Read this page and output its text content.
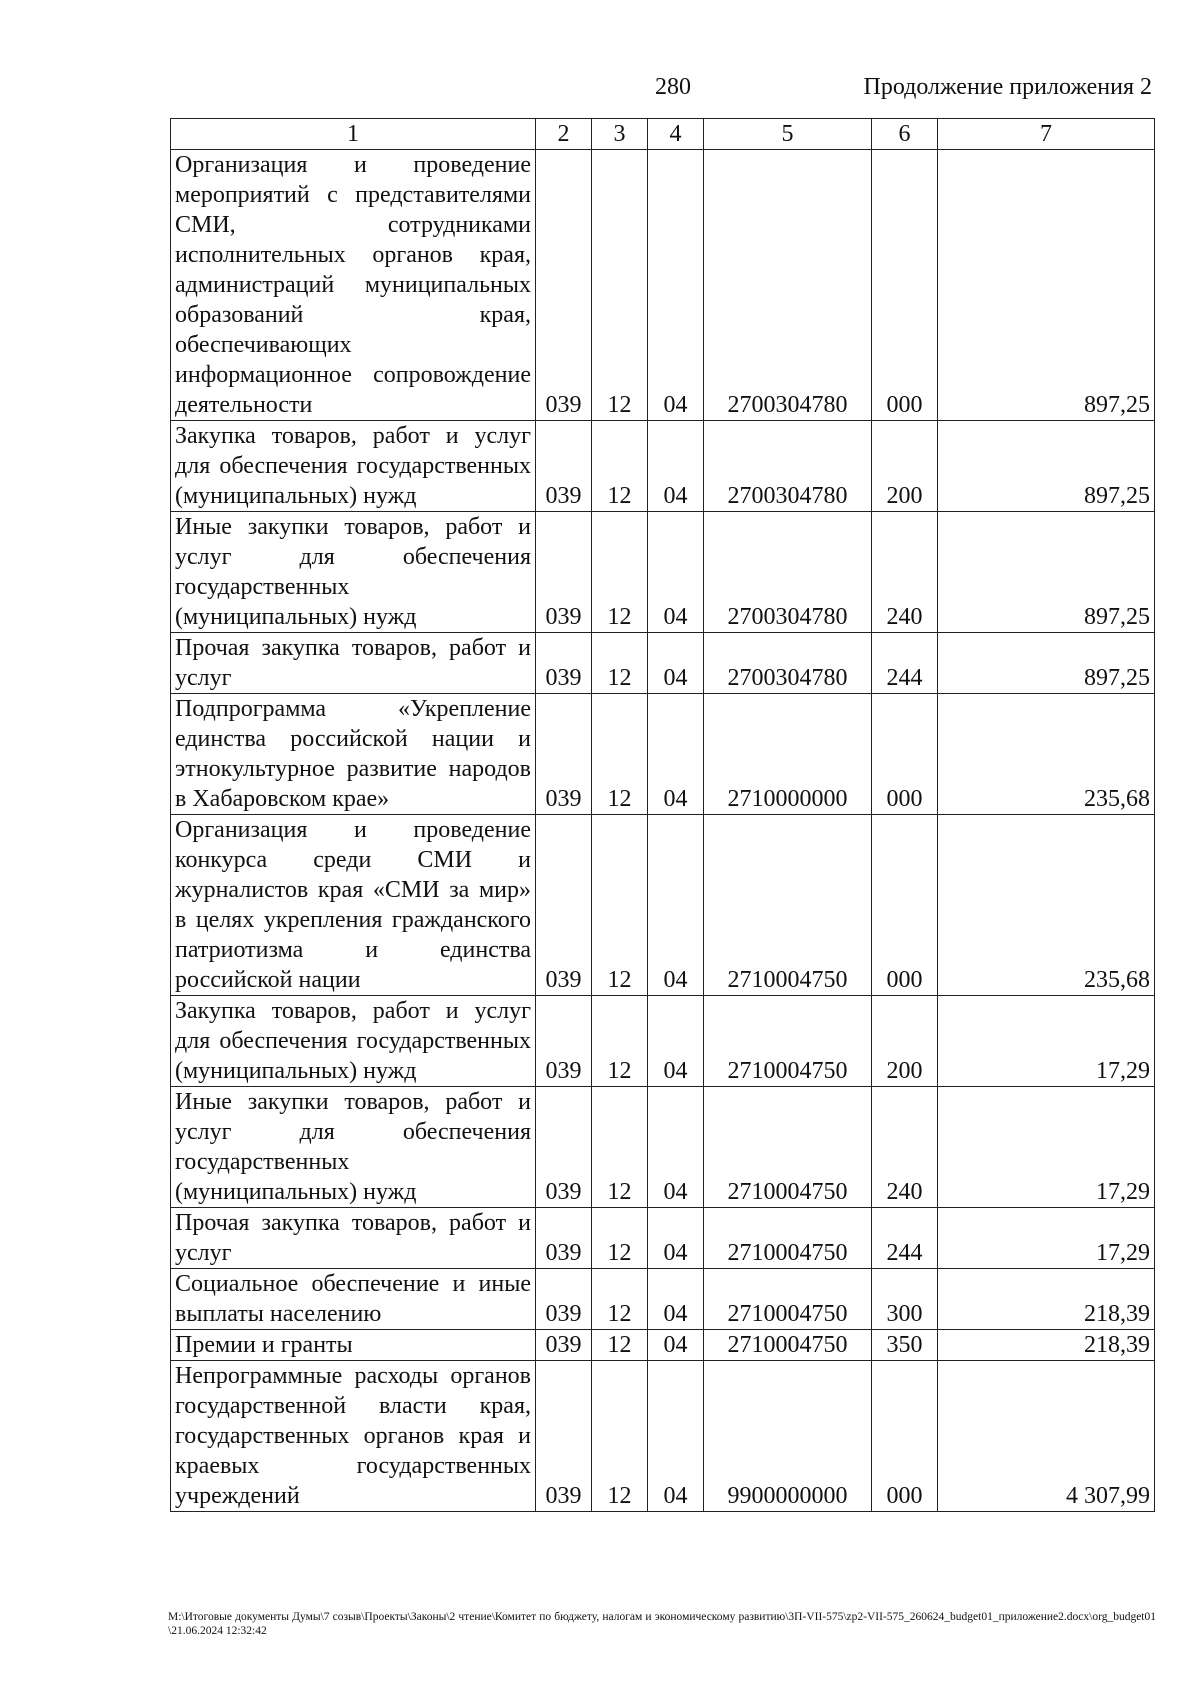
280	Продолжение приложения 2
1	2	3	4	5	6	7
Организация и проведение мероприятий с представителями СМИ, сотрудниками исполнительных органов края, администраций муниципальных образований края, обеспечивающих информационное сопровождение деятельности	039	12	04	2700304780	000	897,25
Закупка товаров, работ и услуг для обеспечения государственных (муниципальных) нужд	039	12	04	2700304780	200	897,25
Иные закупки товаров, работ и услуг для обеспечения государственных (муниципальных) нужд	039	12	04	2700304780	240	897,25
Прочая закупка товаров, работ и услуг	039	12	04	2700304780	244	897,25
Подпрограмма «Укрепление единства российской нации и этнокультурное развитие народов в Хабаровском крае»	039	12	04	2710000000	000	235,68
Организация и проведение конкурса среди СМИ и журналистов края «СМИ за мир» в целях укрепления гражданского патриотизма и единства российской нации	039	12	04	2710004750	000	235,68
Закупка товаров, работ и услуг для обеспечения государственных (муниципальных) нужд	039	12	04	2710004750	200	17,29
Иные закупки товаров, работ и услуг для обеспечения государственных (муниципальных) нужд	039	12	04	2710004750	240	17,29
Прочая закупка товаров, работ и услуг	039	12	04	2710004750	244	17,29
Социальное обеспечение и иные выплаты населению	039	12	04	2710004750	300	218,39
Премии и гранты	039	12	04	2710004750	350	218,39
Непрограммные расходы органов государственной власти края, государственных органов края и краевых государственных учреждений	039	12	04	9900000000	000	4 307,99
M:\Итоговые документы Думы\7 созыв\Проекты\Законы\2 чтение\Комитет по бюджету, налогам и экономическому развитию\3П-VII-575\zp2-VII-575_260624_budget01_приложение2.docx\org_budget01\21.06.2024 12:32:42
